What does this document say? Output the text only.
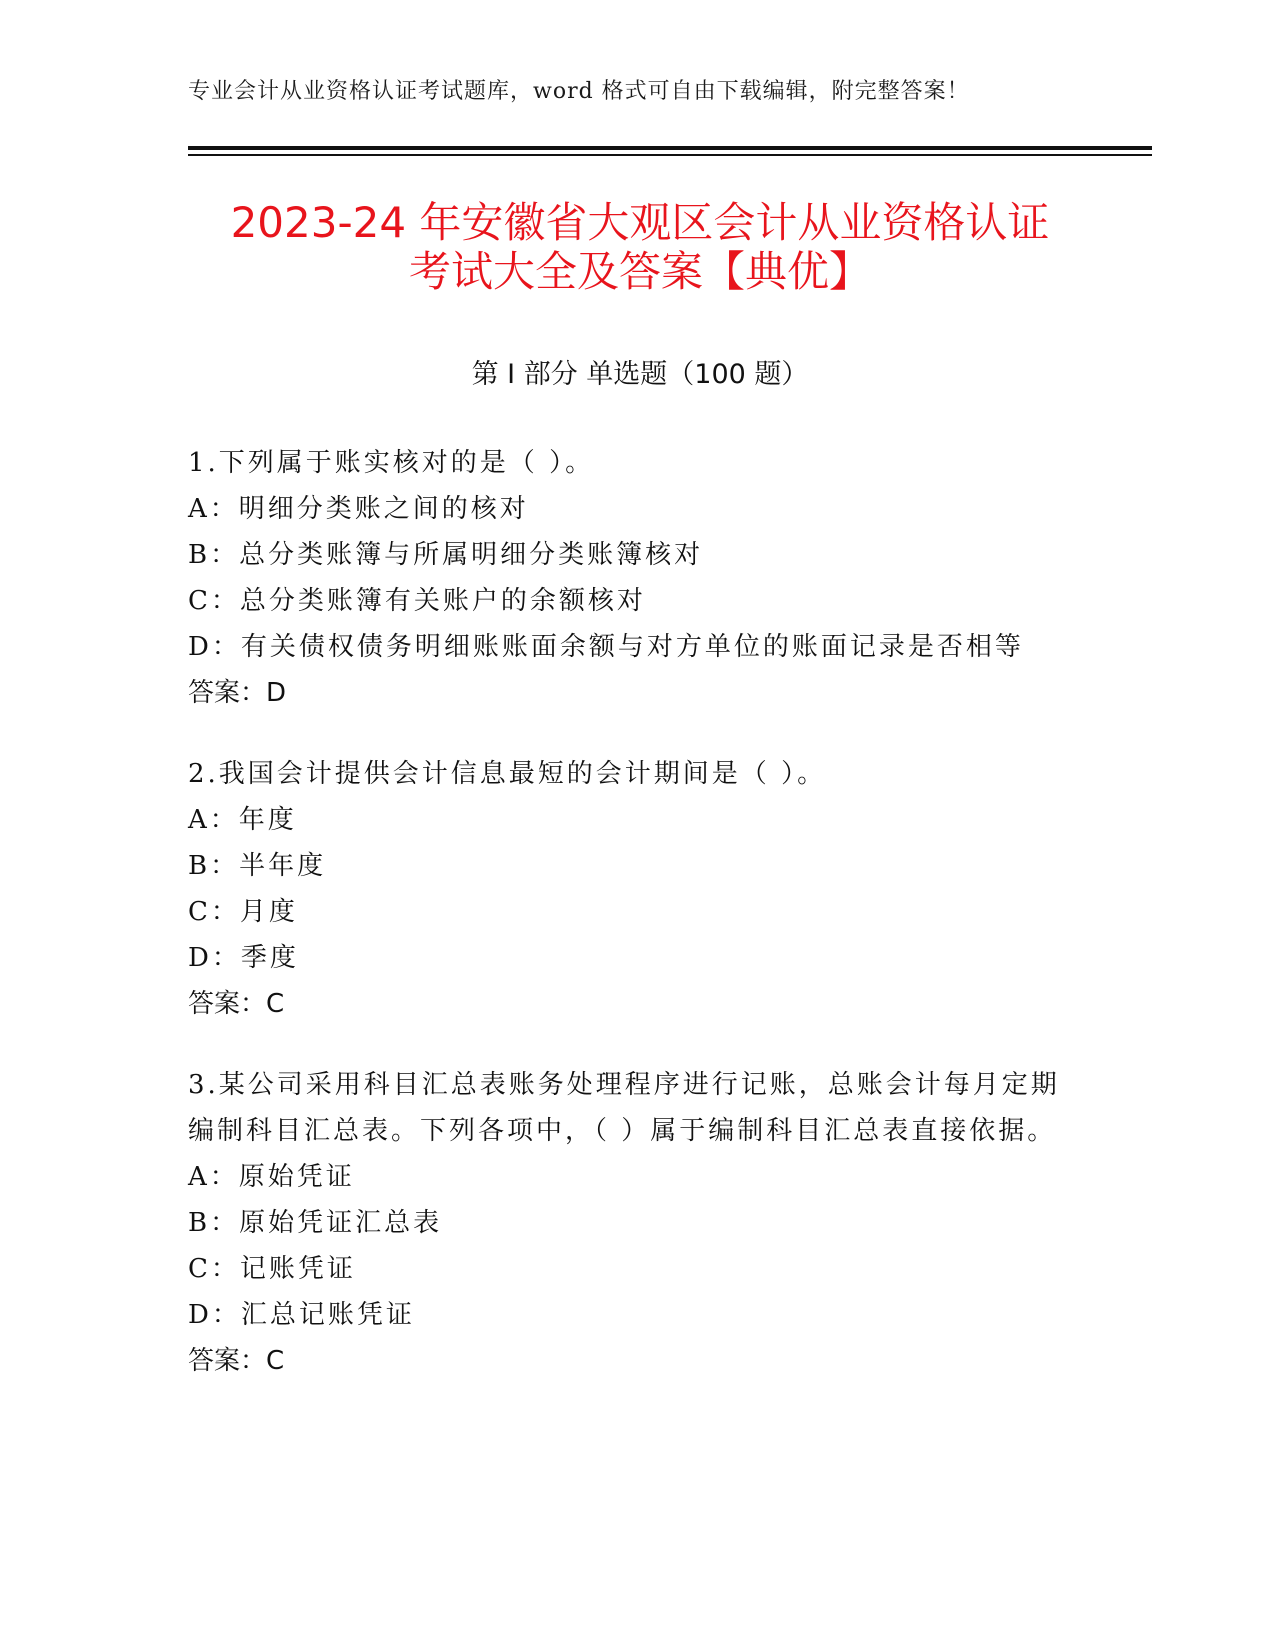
专业会计从业资格认证考试题库，word 格式可自由下载编辑，附完整答案！
2023-24 年安徽省大观区会计从业资格认证
考试大全及答案【典优】
第 I 部分 单选题（100 题）
1.下列属于账实核对的是（ ）。
A：明细分类账之间的核对
B：总分类账簿与所属明细分类账簿核对
C：总分类账簿有关账户的余额核对
D：有关债权债务明细账账面余额与对方单位的账面记录是否相等
答案：D
2.我国会计提供会计信息最短的会计期间是（ ）。
A：年度
B：半年度
C：月度
D：季度
答案：C
3.某公司采用科目汇总表账务处理程序进行记账，总账会计每月定期编制科目汇总表。下列各项中，（ ）属于编制科目汇总表直接依据。
A：原始凭证
B：原始凭证汇总表
C：记账凭证
D：汇总记账凭证
答案：C
